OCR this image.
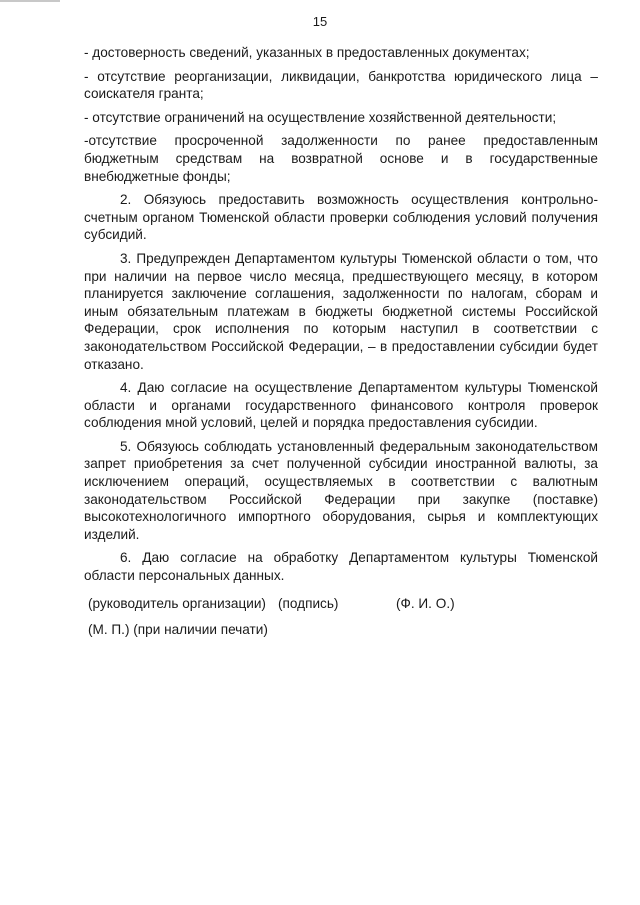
15

- достоверность сведений, указанных в предоставленных документах;

- отсутствие реорганизации, ликвидации, банкротства юридического лица – соискателя гранта;

- отсутствие ограничений на осуществление хозяйственной деятельности;

-отсутствие просроченной задолженности по ранее предоставленным бюджетным средствам на возвратной основе и в государственные внебюджетные фонды;

2. Обязуюсь предоставить возможность осуществления контрольно-счетным органом Тюменской области проверки соблюдения условий получения субсидий.

3. Предупрежден Департаментом культуры Тюменской области о том, что при наличии на первое число месяца, предшествующего месяцу, в котором планируется заключение соглашения, задолженности по налогам, сборам и иным обязательным платежам в бюджеты бюджетной системы Российской Федерации, срок исполнения по которым наступил в соответствии с законодательством Российской Федерации, – в предоставлении субсидии будет отказано.

4. Даю согласие на осуществление Департаментом культуры Тюменской области и органами государственного финансового контроля проверок соблюдения мной условий, целей и порядка предоставления субсидии.

5. Обязуюсь соблюдать установленный федеральным законодательством запрет приобретения за счет полученной субсидии иностранной валюты, за исключением операций, осуществляемых в соответствии с валютным законодательством Российской Федерации при закупке (поставке) высокотехнологичного импортного оборудования, сырья и комплектующих изделий.

6. Даю согласие на обработку Департаментом культуры Тюменской области персональных данных.

(руководитель организации) (подпись)	(Ф. И. О.)
(М. П.) (при наличии печати)
